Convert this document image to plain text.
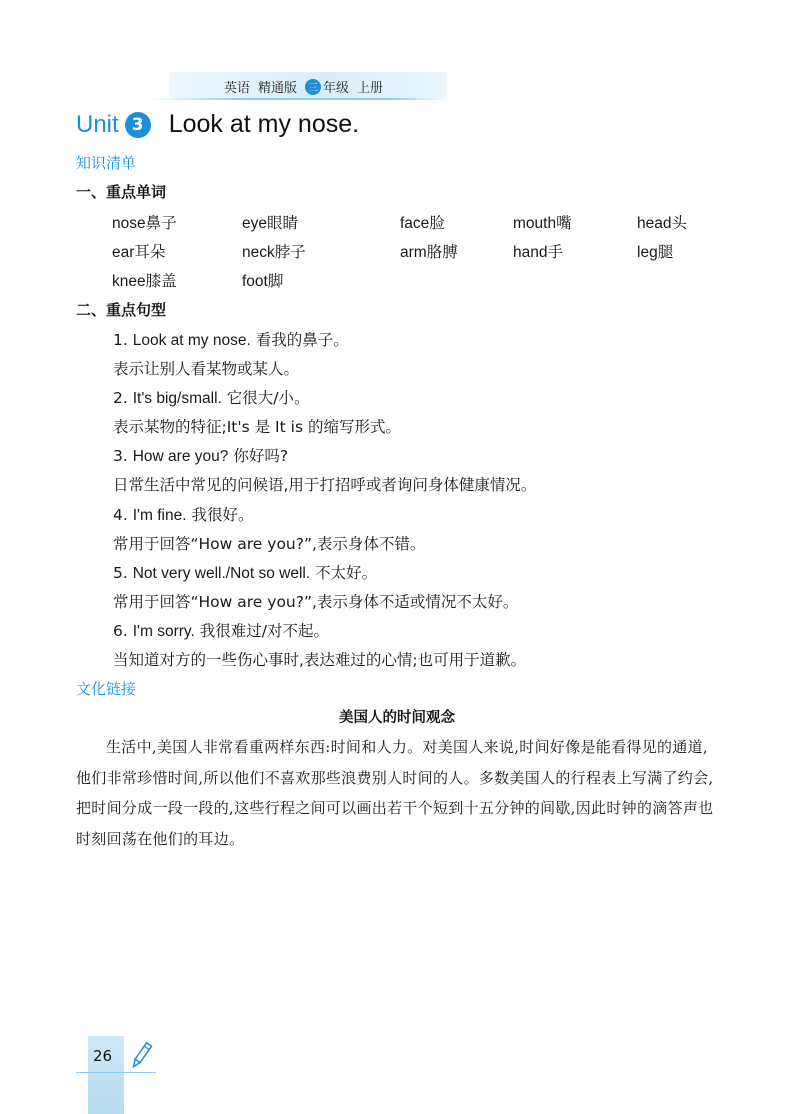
英语 精通版	三 年级 上册
Unit 3 Look at my nose.
知识清单
一、重点单词
nose鼻子	eye眼睛	face脸	mouth嘴	head头
ear耳朵	neck脖子	arm胳膊	hand手	leg腿
knee膝盖	foot脚
二、重点句型
1. Look at my nose. 看我的鼻子。
表示让别人看某物或某人。
2. It's big/small. 它很大/小。
表示某物的特征;It's 是 It is 的缩写形式。
3. How are you? 你好吗?
日常生活中常见的问候语,用于打招呼或者询问身体健康情况。
4. I'm fine. 我很好。
常用于回答“How are you?”,表示身体不错。
5. Not very well./Not so well. 不太好。
常用于回答“How are you?”,表示身体不适或情况不太好。
6. I'm sorry. 我很难过/对不起。
当知道对方的一些伤心事时,表达难过的心情;也可用于道歉。
文化链接
美国人的时间观念
生活中,美国人非常看重两样东西:时间和人力。对美国人来说,时间好像是能看得见的通道,他们非常珍惜时间,所以他们不喜欢那些浪费别人时间的人。多数美国人的行程表上写满了约会,把时间分成一段一段的,这些行程之间可以画出若干个短到十五分钟的间歇,因此时钟的滴答声也时刻回荡在他们的耳边。
26
